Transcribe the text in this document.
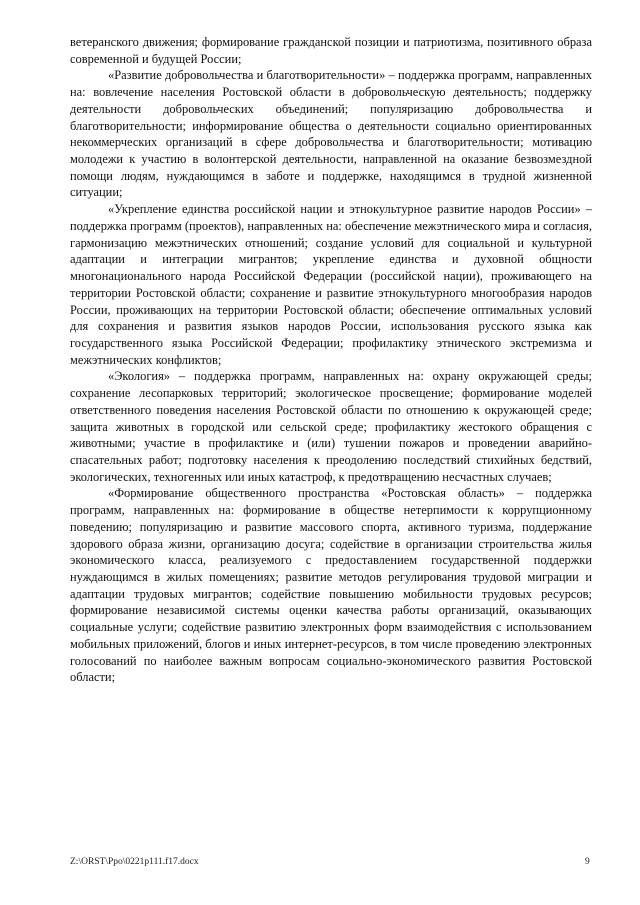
ветеранского движения; формирование гражданской позиции и патриотизма, позитивного образа современной и будущей России;

«Развитие добровольчества и благотворительности» – поддержка программ, направленных на: вовлечение населения Ростовской области в добровольческую деятельность; поддержку деятельности добровольческих объединений; популяризацию добровольчества и благотворительности; информирование общества о деятельности социально ориентированных некоммерческих организаций в сфере добровольчества и благотворительности; мотивацию молодежи к участию в волонтерской деятельности, направленной на оказание безвозмездной помощи людям, нуждающимся в заботе и поддержке, находящимся в трудной жизненной ситуации;

«Укрепление единства российской нации и этнокультурное развитие народов России» – поддержка программ (проектов), направленных на: обеспечение межэтнического мира и согласия, гармонизацию межэтнических отношений; создание условий для социальной и культурной адаптации и интеграции мигрантов; укрепление единства и духовной общности многонационального народа Российской Федерации (российской нации), проживающего на территории Ростовской области; сохранение и развитие этнокультурного многообразия народов России, проживающих на территории Ростовской области; обеспечение оптимальных условий для сохранения и развития языков народов России, использования русского языка как государственного языка Российской Федерации; профилактику этнического экстремизма и межэтнических конфликтов;

«Экология» – поддержка программ, направленных на: охрану окружающей среды; сохранение лесопарковых территорий; экологическое просвещение; формирование моделей ответственного поведения населения Ростовской области по отношению к окружающей среде; защита животных в городской или сельской среде; профилактику жестокого обращения с животными; участие в профилактике и (или) тушении пожаров и проведении аварийно-спасательных работ; подготовку населения к преодолению последствий стихийных бедствий, экологических, техногенных или иных катастроф, к предотвращению несчастных случаев;

«Формирование общественного пространства «Ростовская область» – поддержка программ, направленных на: формирование в обществе нетерпимости к коррупционному поведению; популяризацию и развитие массового спорта, активного туризма, поддержание здорового образа жизни, организацию досуга; содействие в организации строительства жилья экономического класса, реализуемого с предоставлением государственной поддержки нуждающимся в жилых помещениях; развитие методов регулирования трудовой миграции и адаптации трудовых мигрантов; содействие повышению мобильности трудовых ресурсов; формирование независимой системы оценки качества работы организаций, оказывающих социальные услуги; содействие развитию электронных форм взаимодействия с использованием мобильных приложений, блогов и иных интернет-ресурсов, в том числе проведению электронных голосований по наиболее важным вопросам социально-экономического развития Ростовской области;

Z:\ORST\Ppo\0221p111.f17.docx	9
